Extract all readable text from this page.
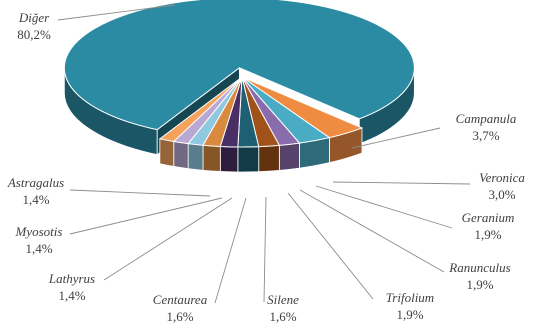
Diğer
80,2%
Campanula
3,7%
Veronica
3,0%
Geranium
1,9%
Ranunculus
1,9%
Trifolium
1,9%
Silene
1,6%
Centaurea
1,6%
Lathyrus
1,4%
Myosotis
1,4%
Astragalus
1,4%
